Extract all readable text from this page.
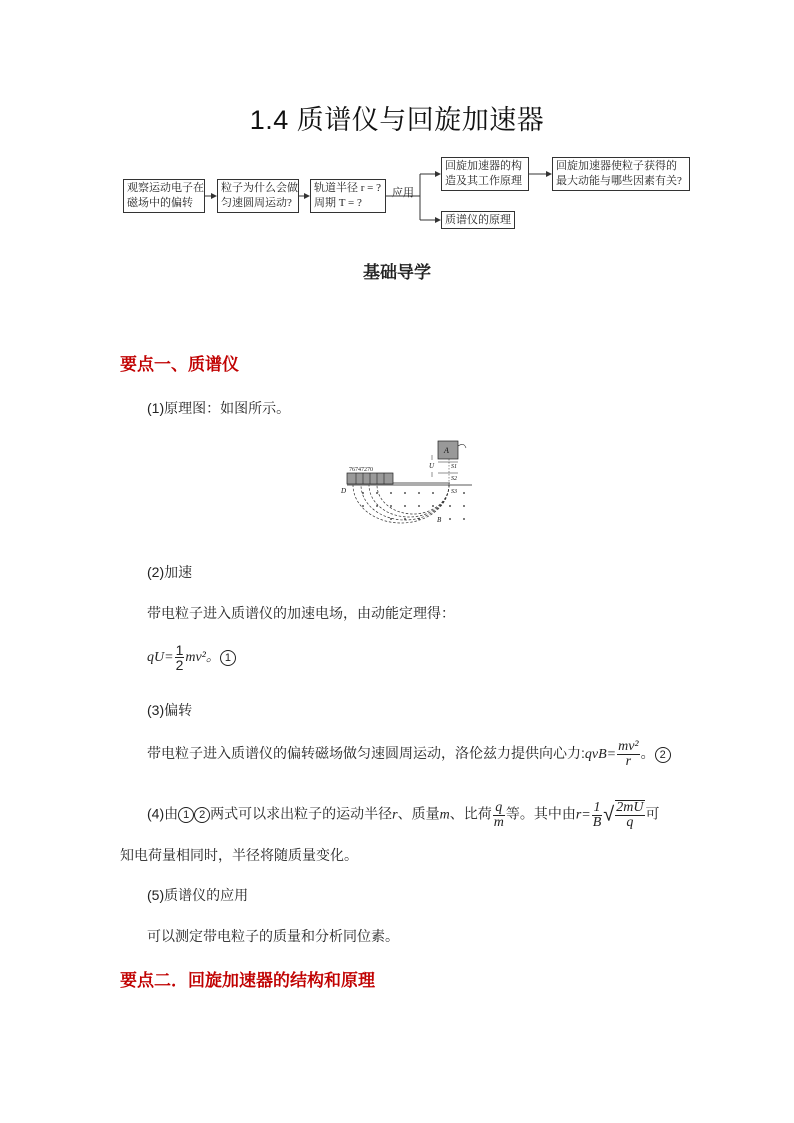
1.4 质谱仪与回旋加速器
观察运动电子在
磁场中的偏转
粒子为什么会做
匀速圆周运动?
轨道半径 r = ?
周期 T = ?
回旋加速器的构
造及其工作原理
回旋加速器使粒子获得的
最大动能与哪些因素有关?
质谱仪的原理
应用
基础导学
要点一、质谱仪
(1)原理图：如图所示。
76747270
A
U	S1
S2
S3
D
B
(2)加速
带电粒子进入质谱仪的加速电场，由动能定理得：
$qU= \frac{1}{2} mv^2$。 1
(3)偏转
带电粒子进入质谱仪的偏转磁场做匀速圆周运动，洛伦兹力提供向心力:qvB= $\frac{\text{mv²}}{r}$ 。 2
(4)由 1 2 两式可以求出粒子的运动半径r、质量m、比荷 $\frac{q}{m}$ 等。其中由$r= \frac{1}{B}$ √ $\frac{2mU}{q}$ 可
知电荷量相同时，半径将随质量变化。
(5)质谱仪的应用
可以测定带电粒子的质量和分析同位素。
要点二．回旋加速器的结构和原理
